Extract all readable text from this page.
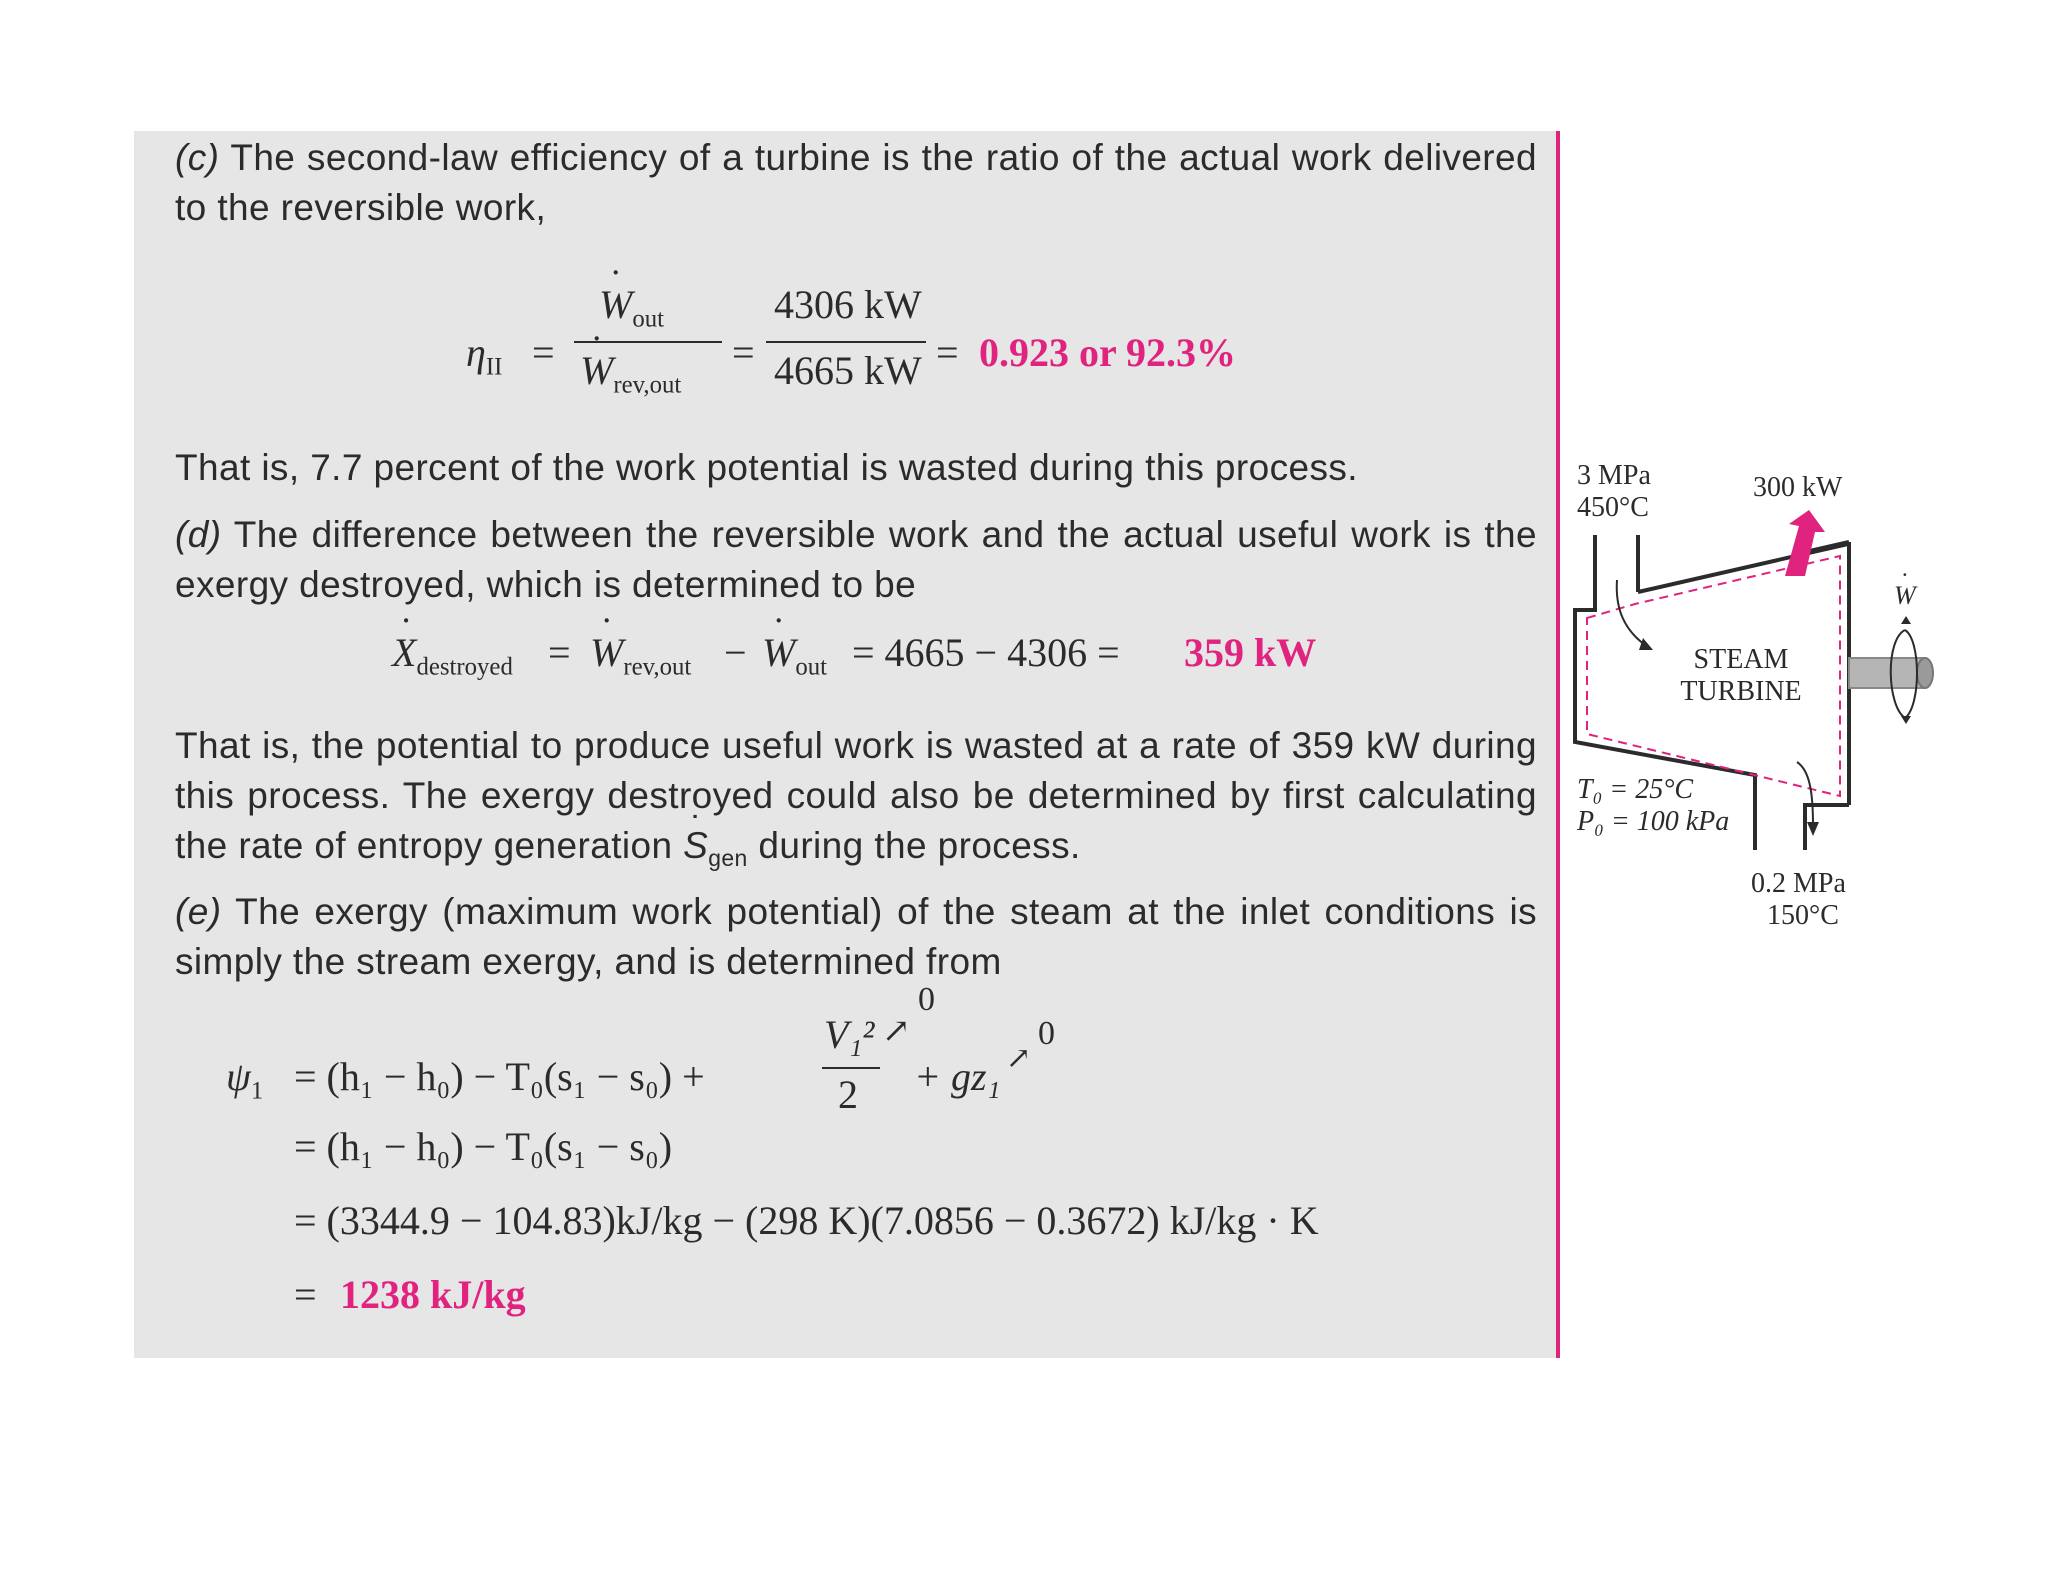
(c) The second-law efficiency of a turbine is the ratio of the actual work delivered to the reversible work,

$\eta_{II}$ =
˙ $W_{out}$
˙ $W_{rev,out}$
=
4306 kW
4665 kW = 0.923 or 92.3%

That is, 7.7 percent of the work potential is wasted during this process.

(d) The difference between the reversible work and the actual useful work is the exergy destroyed, which is determined to be

˙ $X_{destroyed}$ = ˙ $W_{rev,out}$ − ˙ $W_{out} = 4665 - 4306 = 359$ kW

That is, the potential to produce useful work is wasted at a rate of 359 kW during this process. The exergy destroyed could also be determined by first calculating the rate of entropy generation ˙ $S_{gen}$ during the process.

(e) The exergy (maximum work potential) of the steam at the inlet conditions is simply the stream exergy, and is determined from

$\psi_1 = (h_1 - h_0) - T_0(s_1 - s_0)$ +
V₁²
2
↗
0
+ gz₁ ↗
0
= (h₁ − h₀) − T₀(s₁ − s₀)
= (3344.9 − 104.83)kJ/kg − (298 K)(7.0856 − 0.3672) kJ/kg · K
= 1238 kJ/kg
3 MPa
450°C
300 kW
˙ W
STEAM
TURBINE
T₀ = 25°C
P₀ = 100 kPa
0.2 MPa
150°C
